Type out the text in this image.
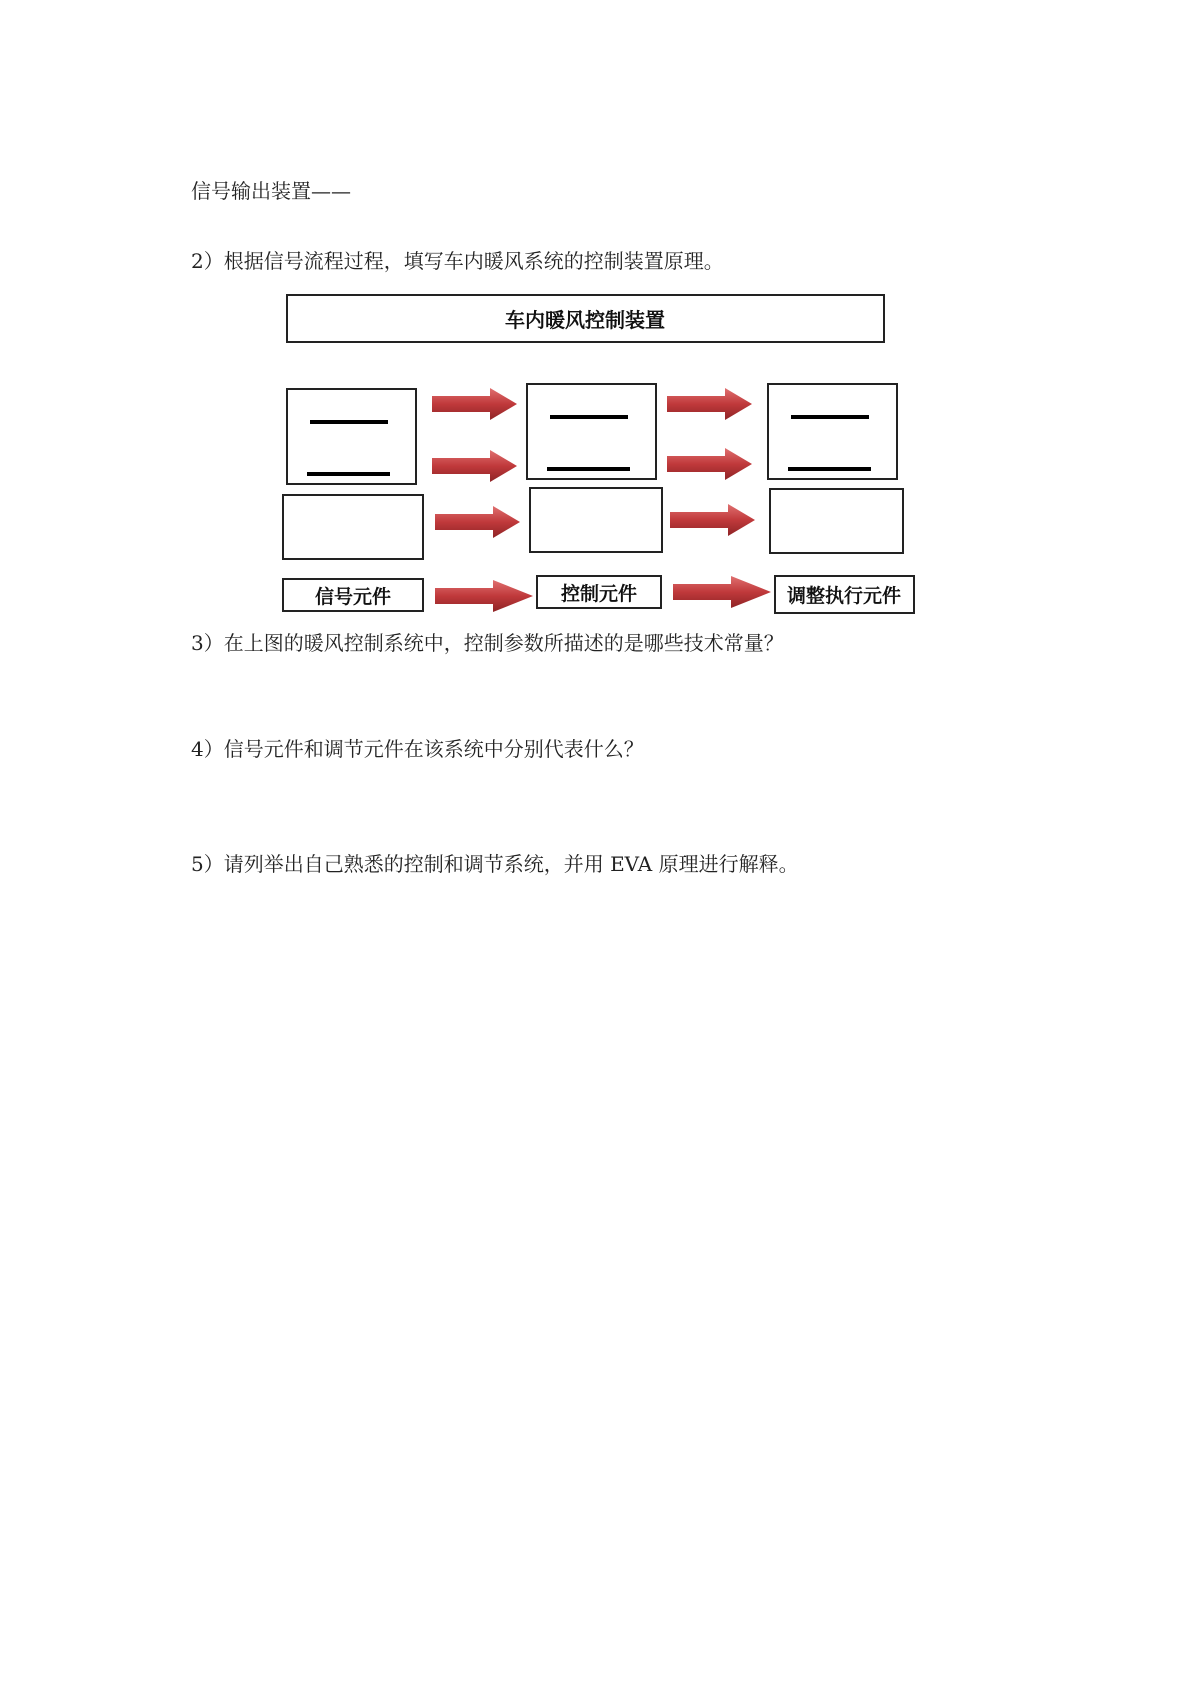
信号输出装置——
2）根据信号流程过程，填写车内暖风系统的控制装置原理。
车内暖风控制装置
信号元件	控制元件	调整执行元件
3）在上图的暖风控制系统中，控制参数所描述的是哪些技术常量？
4）信号元件和调节元件在该系统中分别代表什么？
5）请列举出自己熟悉的控制和调节系统，并用 EVA 原理进行解释。
